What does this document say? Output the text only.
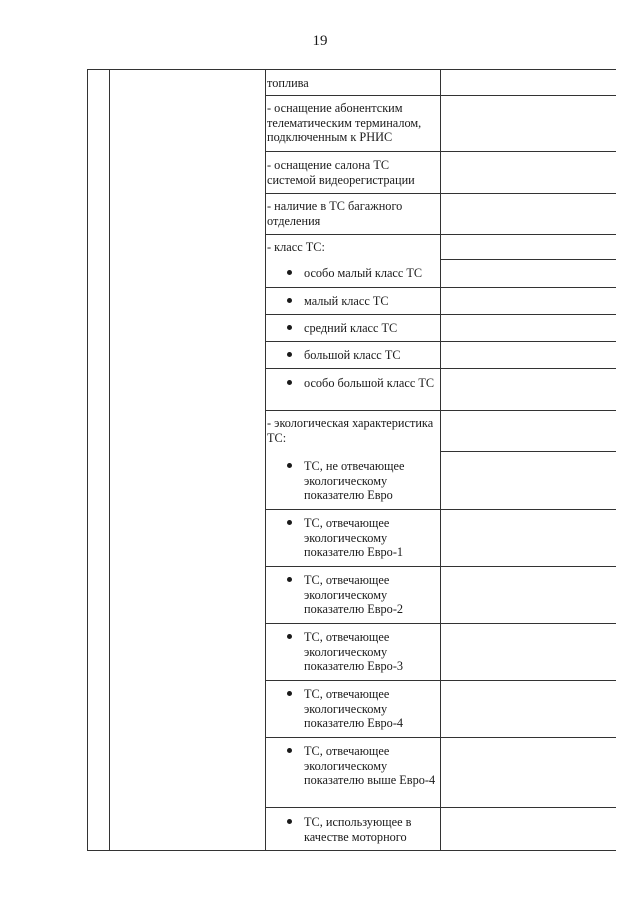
19
топлива
- оснащение абонентским телематическим терминалом, подключенным к РНИС
- оснащение салона ТС системой видеорегистрации
- наличие в ТС багажного отделения
- класс ТС:
особо малый класс ТС
малый класс ТС
средний класс ТС
большой класс ТС
особо большой класс ТС
- экологическая характеристика ТС:
ТС, не отвечающее экологическому показателю Евро
ТС, отвечающее экологическому показателю Евро-1
ТС, отвечающее экологическому показателю Евро-2
ТС, отвечающее экологическому показателю Евро-3
ТС, отвечающее экологическому показателю Евро-4
ТС, отвечающее экологическому показателю выше Евро-4
ТС, использующее в качестве моторного
